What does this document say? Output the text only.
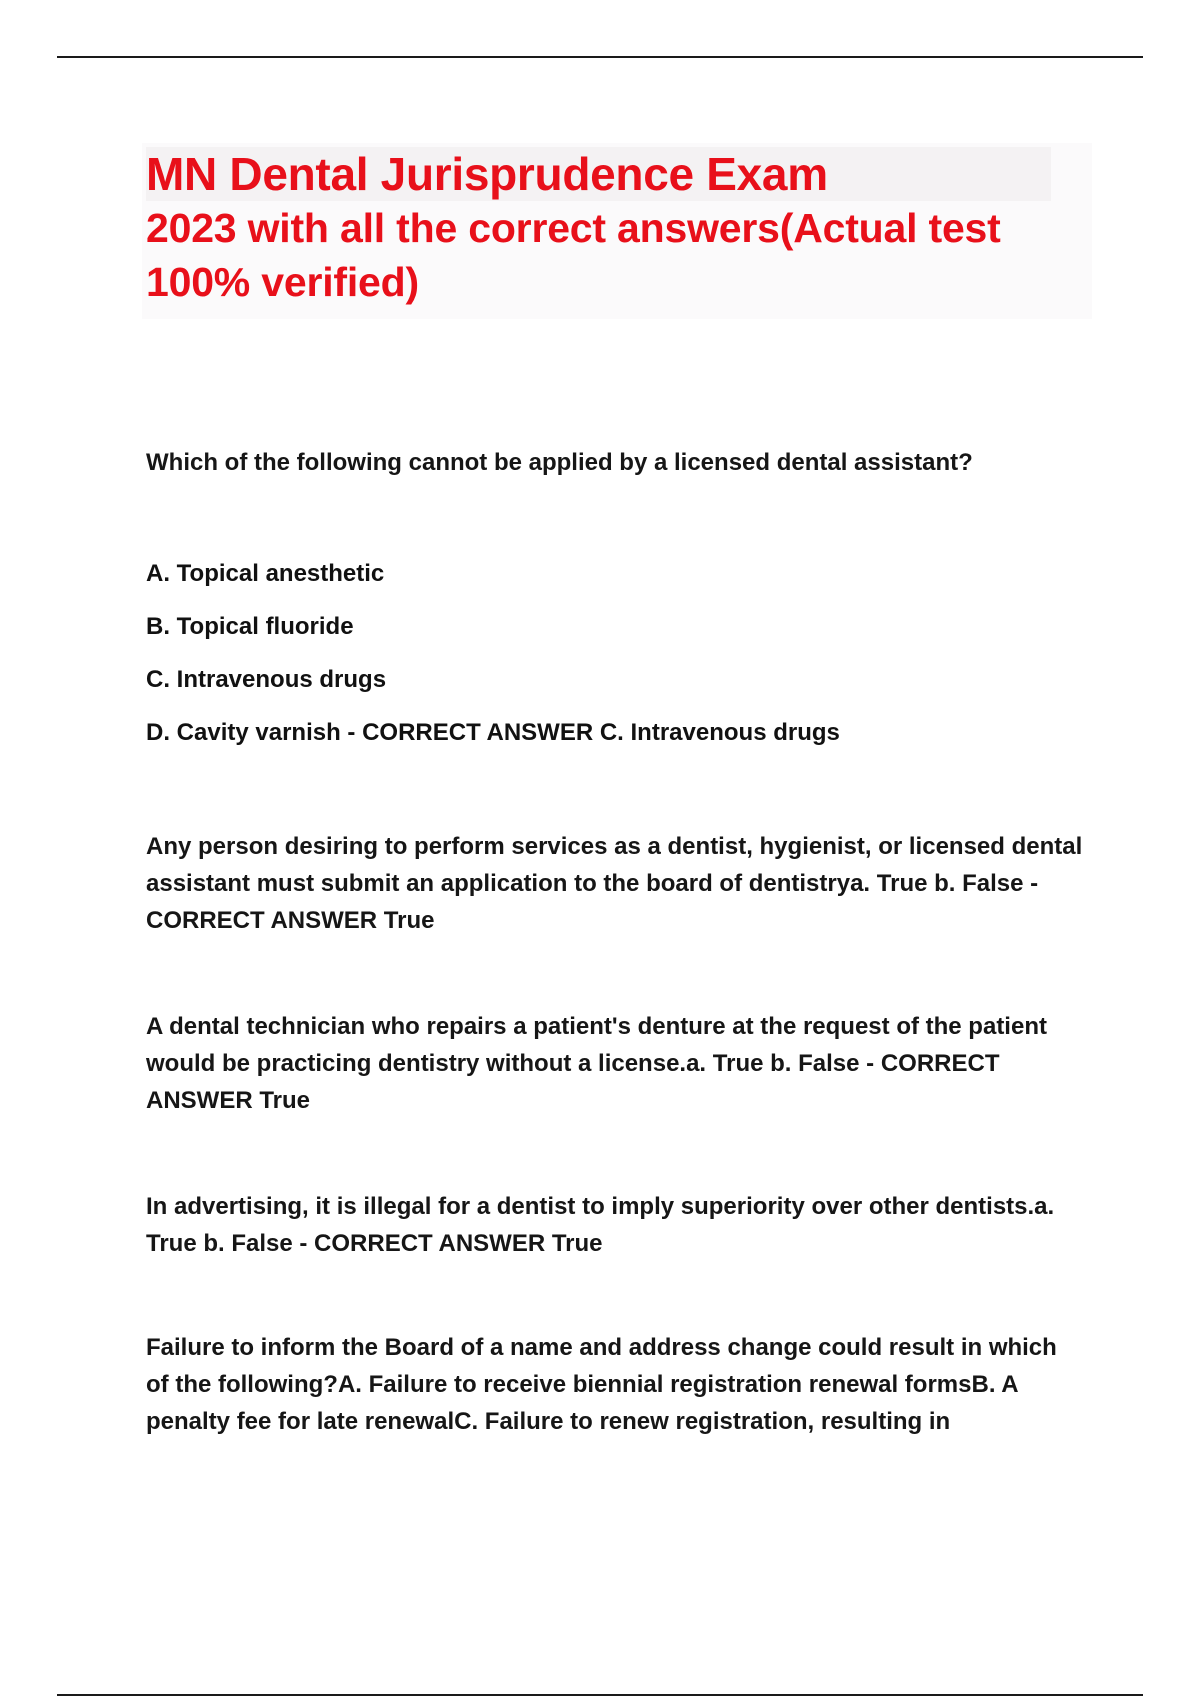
MN Dental Jurisprudence Exam
2023 with all the correct answers(Actual test 100% verified)
Which of the following cannot be applied by a licensed dental assistant?
A. Topical anesthetic
B. Topical fluoride
C. Intravenous drugs
D. Cavity varnish - CORRECT ANSWER C. Intravenous drugs
Any person desiring to perform services as a dentist, hygienist, or licensed dental assistant must submit an application to the board of dentistrya. True b. False - CORRECT ANSWER True
A dental technician who repairs a patient's denture at the request of the patient would be practicing dentistry without a license.a. True b. False - CORRECT ANSWER True
In advertising, it is illegal for a dentist to imply superiority over other dentists.a. True b. False - CORRECT ANSWER True
Failure to inform the Board of a name and address change could result in which of the following?A. Failure to receive biennial registration renewal formsB. A penalty fee for late renewalC. Failure to renew registration, resulting in
